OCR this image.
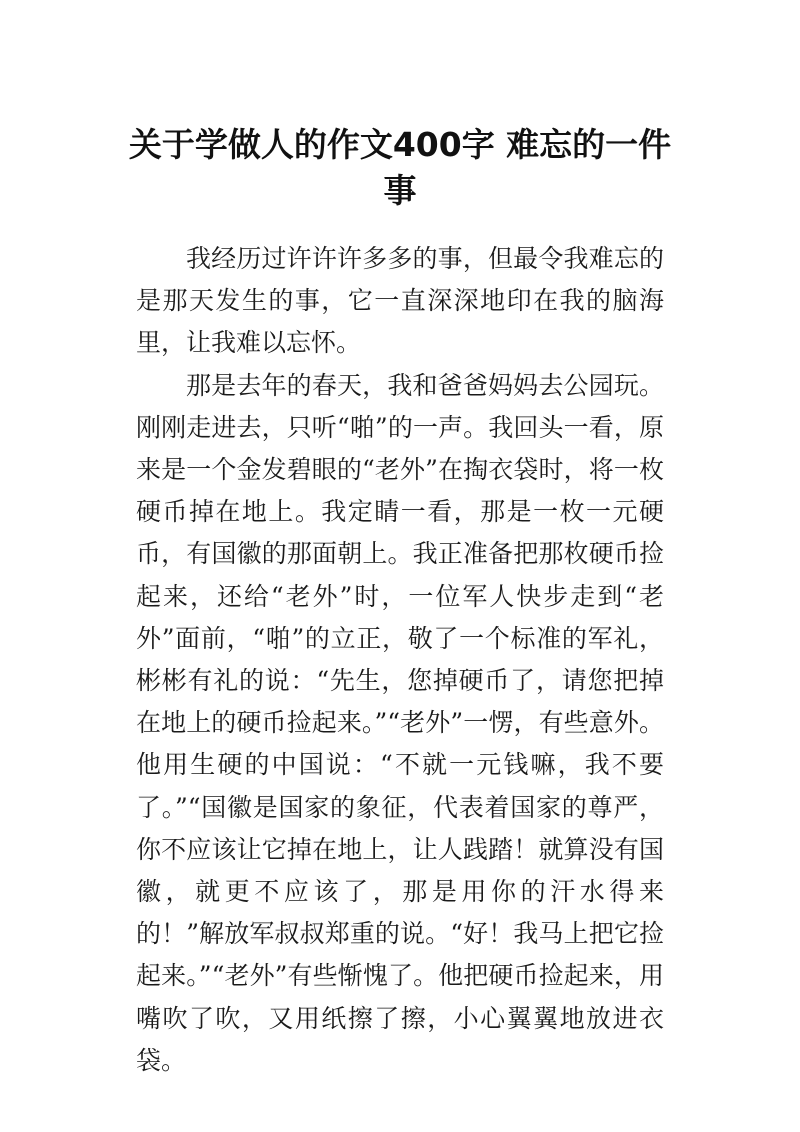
关于学做人的作文400字 难忘的一件事

我经历过许许许多多的事，但最令我难忘的是那天发生的事，它一直深深地印在我的脑海里，让我难以忘怀。

那是去年的春天，我和爸爸妈妈去公园玩。刚刚走进去，只听“啪”的一声。我回头一看，原来是一个金发碧眼的“老外”在掏衣袋时，将一枚硬币掉在地上。我定睛一看，那是一枚一元硬币，有国徽的那面朝上。我正准备把那枚硬币捡起来，还给“老外”时，一位军人快步走到“老外”面前，“啪”的立正，敬了一个标准的军礼，彬彬有礼的说：“先生，您掉硬币了，请您把掉在地上的硬币捡起来。”“老外”一愣，有些意外。他用生硬的中国说：“不就一元钱嘛，我不要了。”“国徽是国家的象征，代表着国家的尊严，你不应该让它掉在地上，让人践踏！就算没有国徽，就更不应该了，那是用你的汗水得来的！”解放军叔叔郑重的说。“好！我马上把它捡起来。”“老外”有些惭愧了。他把硬币捡起来，用嘴吹了吹，又用纸擦了擦，小心翼翼地放进衣袋。
